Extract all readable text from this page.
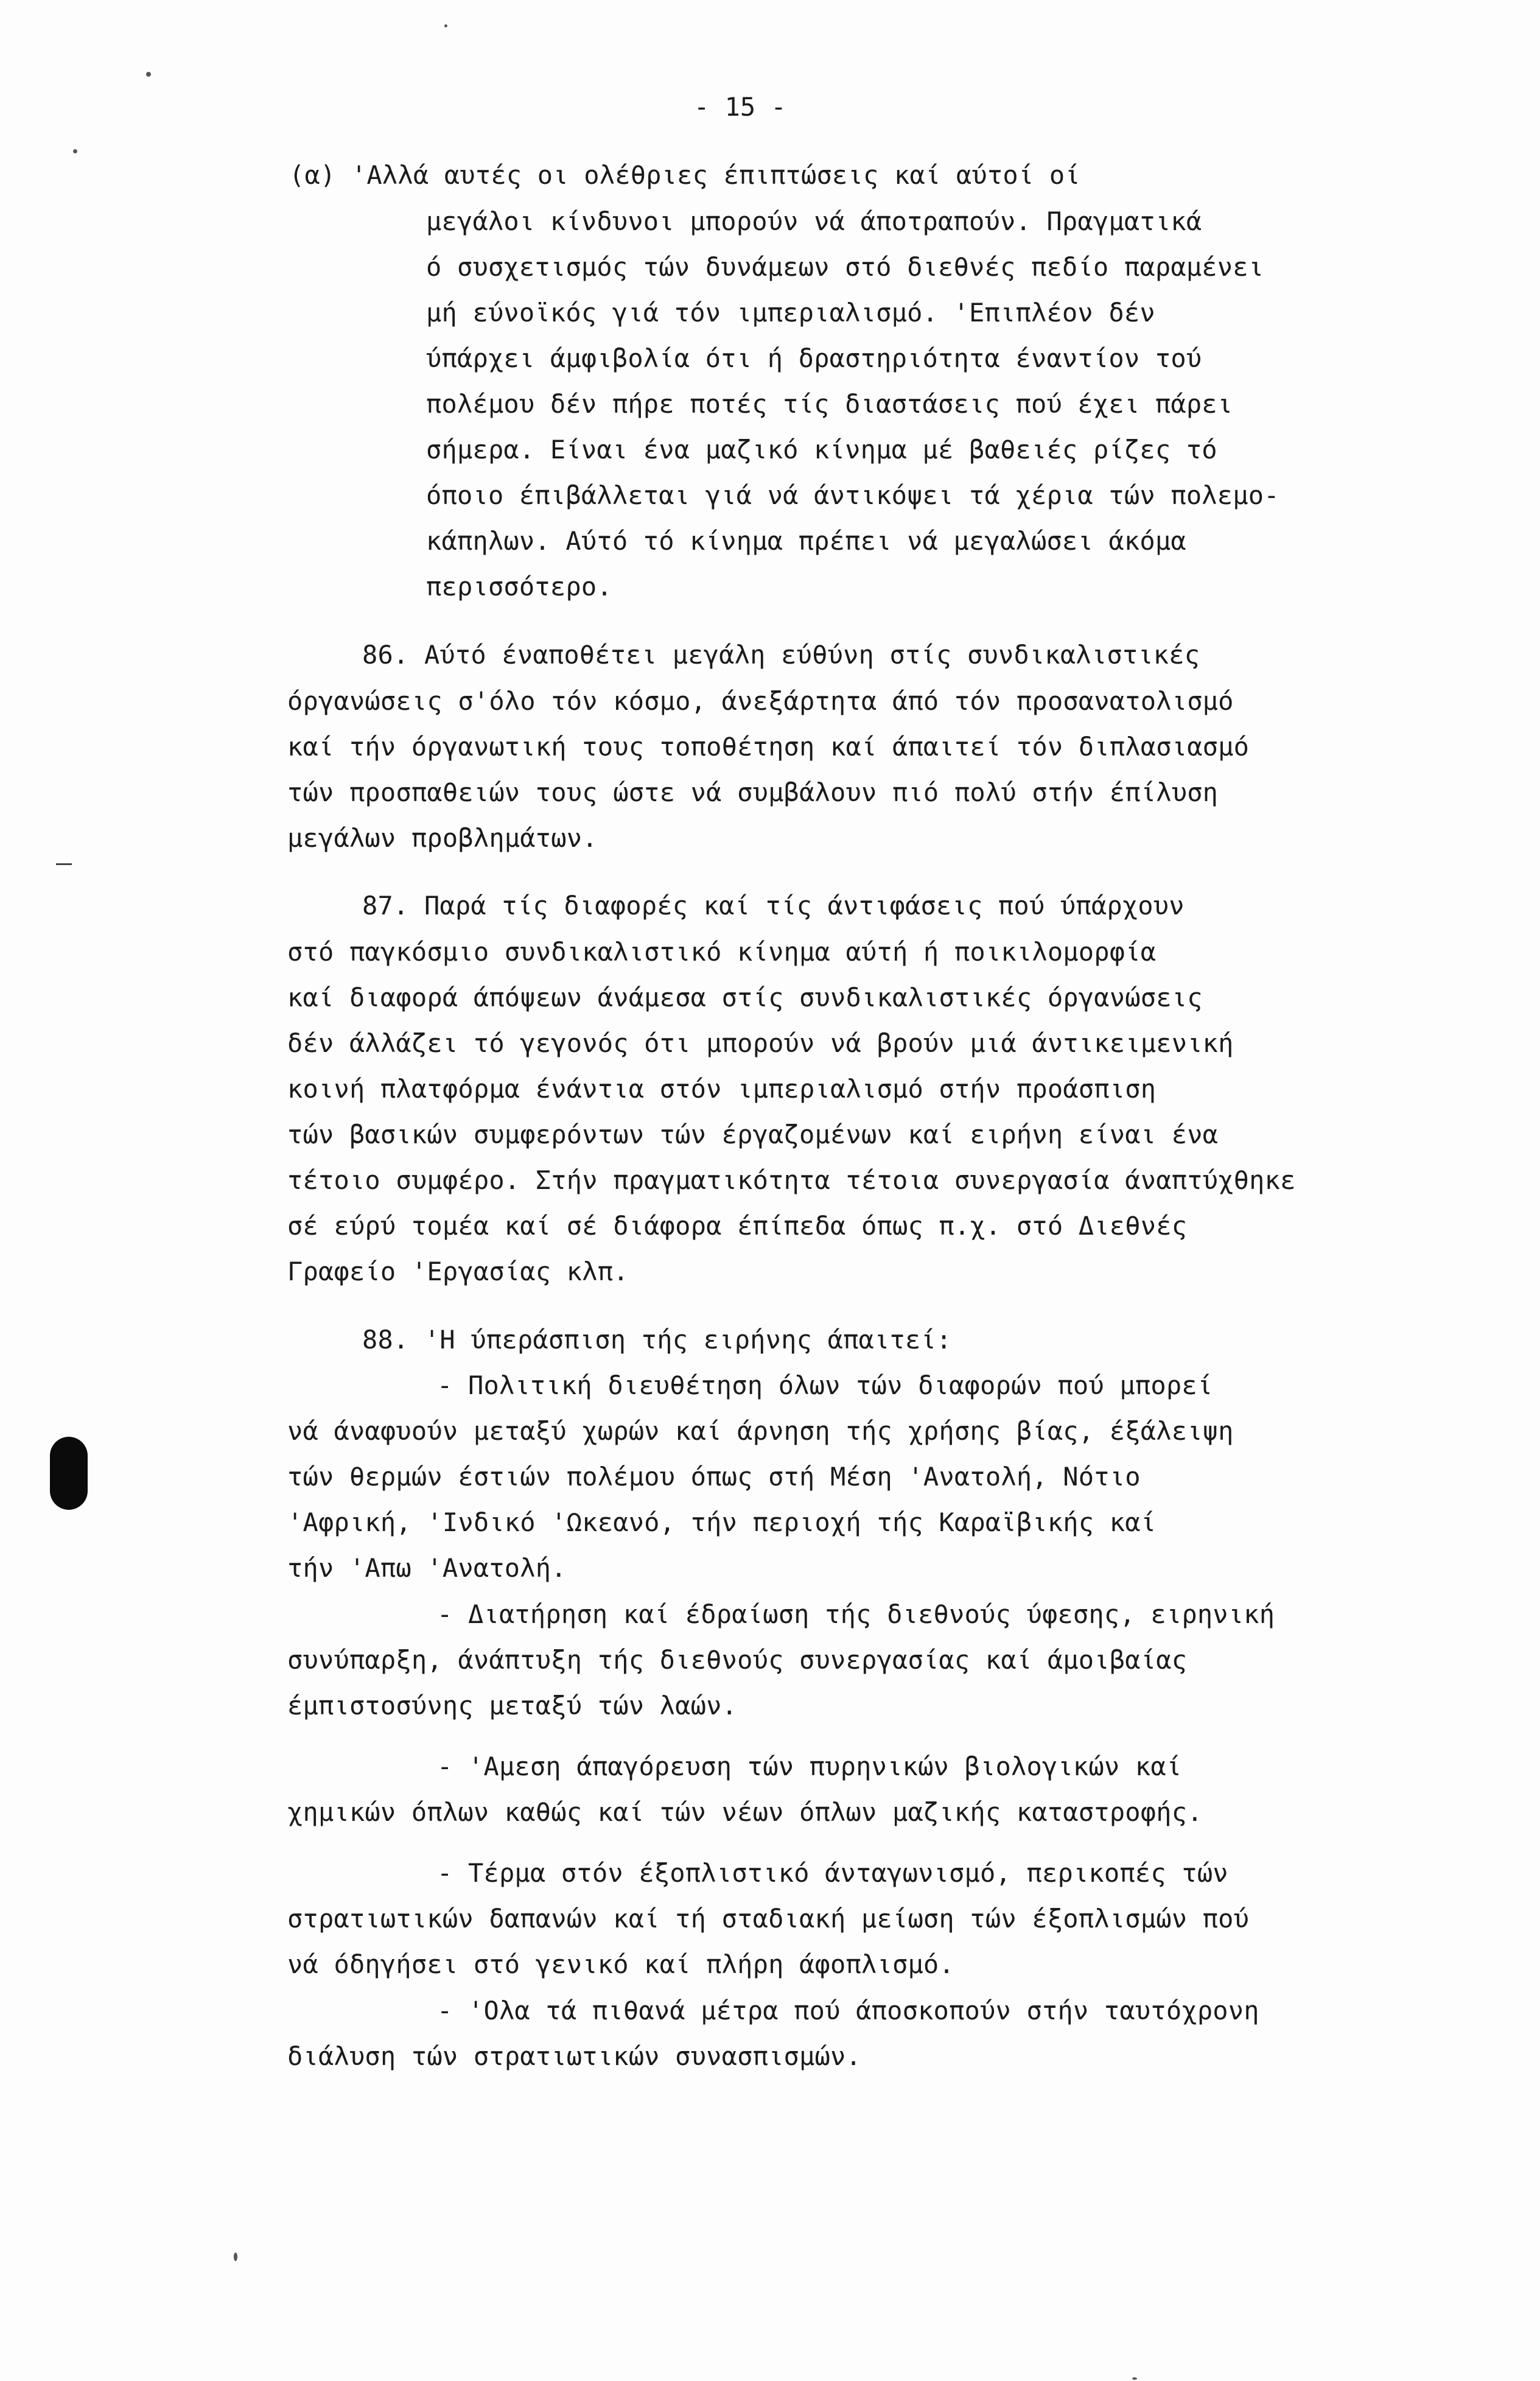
- 15 -
(α) 'Αλλά αυτές οι ολέθριες έπιπτώσεις καί αύτοί οί
μεγάλοι κίνδυνοι μπορούν νά άποτραπούν. Πραγματικά
ό συσχετισμός τών δυνάμεων στό διεθνές πεδίο παραμένει
μή εύνοϊκός γιά τόν ιμπεριαλισμό. 'Επιπλέον δέν
ύπάρχει άμφιβολία ότι ή δραστηριότητα έναντίον τού
πολέμου δέν πήρε ποτές τίς διαστάσεις πού έχει πάρει
σήμερα. Είναι ένα μαζικό κίνημα μέ βαθειές ρίζες τό
όποιο έπιβάλλεται γιά νά άντικόψει τά χέρια τών πολεμο-
κάπηλων. Αύτό τό κίνημα πρέπει νά μεγαλώσει άκόμα
περισσότερο.
86. Αύτό έναποθέτει μεγάλη εύθύνη στίς συνδικαλιστικές
όργανώσεις σ'όλο τόν κόσμο, άνεξάρτητα άπό τόν προσανατολισμό
καί τήν όργανωτική τους τοποθέτηση καί άπαιτεί τόν διπλασιασμό
τών προσπαθειών τους ώστε νά συμβάλουν πιό πολύ στήν έπίλυση
μεγάλων προβλημάτων.
87. Παρά τίς διαφορές καί τίς άντιφάσεις πού ύπάρχουν
στό παγκόσμιο συνδικαλιστικό κίνημα αύτή ή ποικιλομορφία
καί διαφορά άπόψεων άνάμεσα στίς συνδικαλιστικές όργανώσεις
δέν άλλάζει τό γεγονός ότι μπορούν νά βρούν μιά άντικειμενική
κοινή πλατφόρμα ένάντια στόν ιμπεριαλισμό στήν προάσπιση
τών βασικών συμφερόντων τών έργαζομένων καί ειρήνη είναι ένα
τέτοιο συμφέρο. Στήν πραγματικότητα τέτοια συνεργασία άναπτύχθηκε
σέ εύρύ τομέα καί σέ διάφορα έπίπεδα όπως π.χ. στό Διεθνές
Γραφείο 'Εργασίας κλπ.
88. 'Η ύπεράσπιση τής ειρήνης άπαιτεί:
- Πολιτική διευθέτηση όλων τών διαφορών πού μπορεί
νά άναφυούν μεταξύ χωρών καί άρνηση τής χρήσης βίας, έξάλειψη
τών θερμών έστιών πολέμου όπως στή Μέση 'Ανατολή, Νότιο
'Αφρική, 'Ινδικό 'Ωκεανό, τήν περιοχή τής Καραϊβικής καί
τήν 'Απω 'Ανατολή.
- Διατήρηση καί έδραίωση τής διεθνούς ύφεσης, ειρηνική
συνύπαρξη, άνάπτυξη τής διεθνούς συνεργασίας καί άμοιβαίας
έμπιστοσύνης μεταξύ τών λαών.
- 'Αμεση άπαγόρευση τών πυρηνικών βιολογικών καί
χημικών όπλων καθώς καί τών νέων όπλων μαζικής καταστροφής.
- Τέρμα στόν έξοπλιστικό άνταγωνισμό, περικοπές τών
στρατιωτικών δαπανών καί τή σταδιακή μείωση τών έξοπλισμών πού
νά όδηγήσει στό γενικό καί πλήρη άφοπλισμό.
- 'Ολα τά πιθανά μέτρα πού άποσκοπούν στήν ταυτόχρονη
διάλυση τών στρατιωτικών συνασπισμών.
